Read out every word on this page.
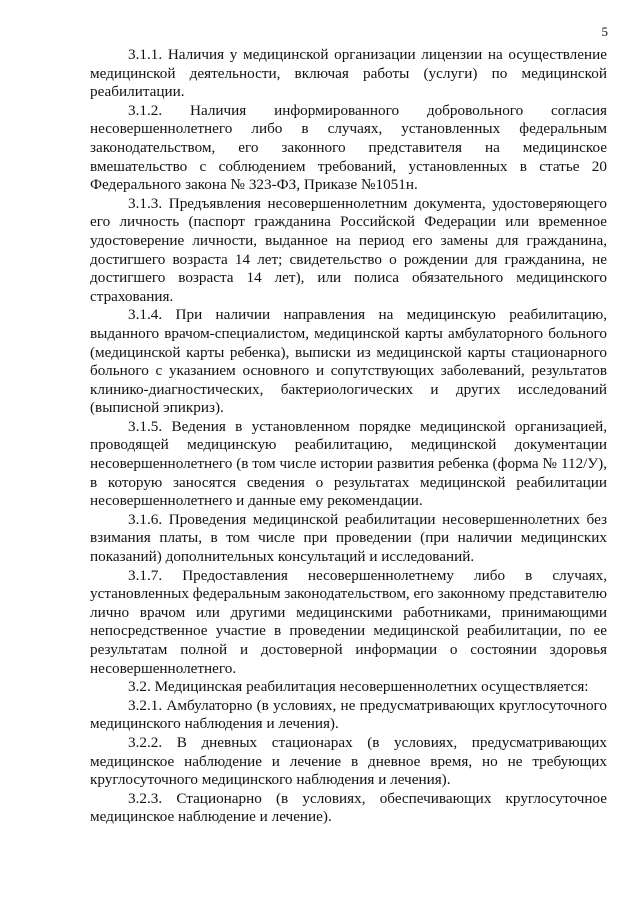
5

3.1.1. Наличия у медицинской организации лицензии на осуществление медицинской деятельности, включая работы (услуги) по медицинской реабилитации.

3.1.2. Наличия информированного добровольного согласия несовершеннолетнего либо в случаях, установленных федеральным законодательством, его законного представителя на медицинское вмешательство с соблюдением требований, установленных в статье 20 Федерального закона № 323-ФЗ, Приказе №1051н.

3.1.3. Предъявления несовершеннолетним документа, удостоверяющего его личность (паспорт гражданина Российской Федерации или временное удостоверение личности, выданное на период его замены для гражданина, достигшего возраста 14 лет; свидетельство о рождении для гражданина, не достигшего возраста 14 лет), или полиса обязательного медицинского страхования.

3.1.4. При наличии направления на медицинскую реабилитацию, выданного врачом-специалистом, медицинской карты амбулаторного больного (медицинской карты ребенка), выписки из медицинской карты стационарного больного с указанием основного и сопутствующих заболеваний, результатов клинико-диагностических, бактериологических и других исследований (выписной эпикриз).

3.1.5. Ведения в установленном порядке медицинской организацией, проводящей медицинскую реабилитацию, медицинской документации несовершеннолетнего (в том числе истории развития ребенка (форма № 112/У), в которую заносятся сведения о результатах медицинской реабилитации несовершеннолетнего и данные ему рекомендации.

3.1.6. Проведения медицинской реабилитации несовершеннолетних без взимания платы, в том числе при проведении (при наличии медицинских показаний) дополнительных консультаций и исследований.

3.1.7. Предоставления несовершеннолетнему либо в случаях, установленных федеральным законодательством, его законному представителю лично врачом или другими медицинскими работниками, принимающими непосредственное участие в проведении медицинской реабилитации, по ее результатам полной и достоверной информации о состоянии здоровья несовершеннолетнего.

3.2. Медицинская реабилитация несовершеннолетних осуществляется:

3.2.1. Амбулаторно (в условиях, не предусматривающих круглосуточного медицинского наблюдения и лечения).

3.2.2. В дневных стационарах (в условиях, предусматривающих медицинское наблюдение и лечение в дневное время, но не требующих круглосуточного медицинского наблюдения и лечения).

3.2.3. Стационарно (в условиях, обеспечивающих круглосуточное медицинское наблюдение и лечение).
